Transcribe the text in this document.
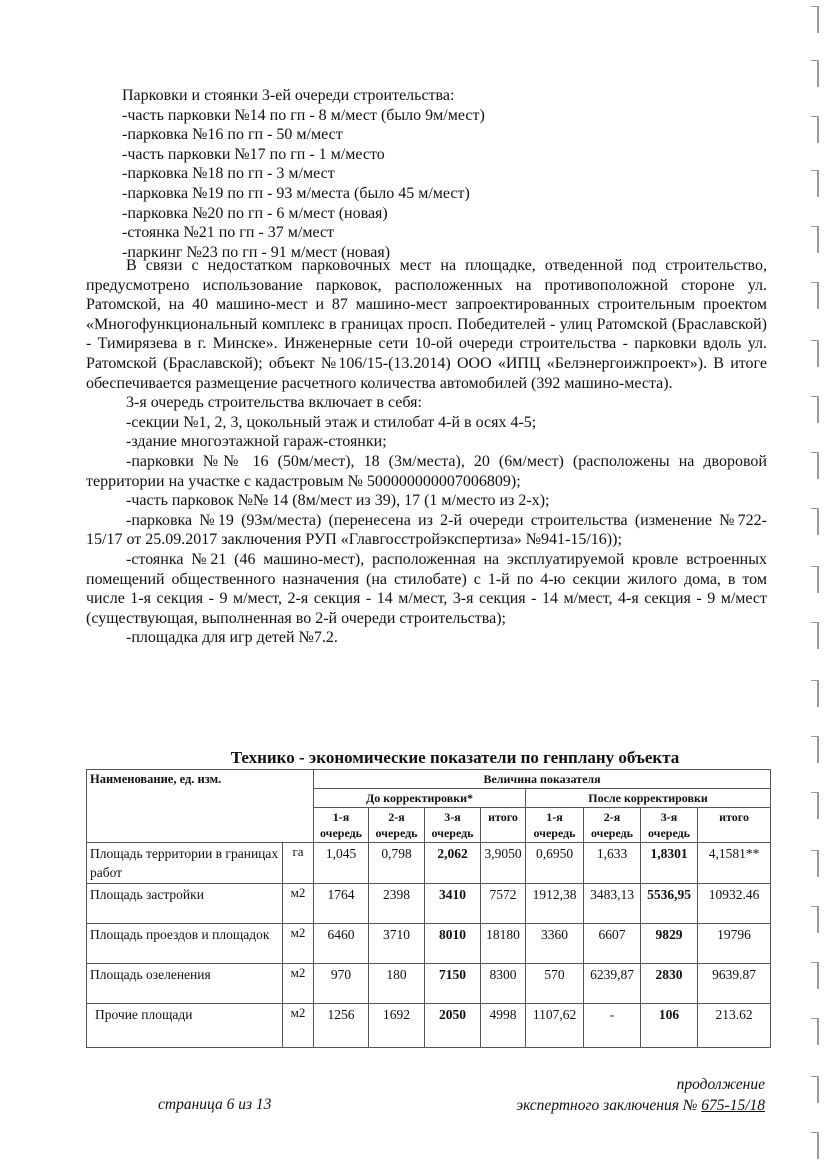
Парковки и стоянки 3-ей очереди строительства:
-часть парковки №14 по гп - 8 м/мест (было 9м/мест)
-парковка №16 по гп - 50 м/мест
-часть парковки №17 по гп - 1 м/место
-парковка №18 по гп - 3 м/мест
-парковка №19 по гп - 93 м/места (было 45 м/мест)
-парковка №20 по гп - 6 м/мест (новая)
-стоянка №21 по гп - 37 м/мест
-паркинг №23 по гп - 91 м/мест (новая)
В связи с недостатком парковочных мест на площадке, отведенной под строительство, предусмотрено использование парковок, расположенных на противоположной стороне ул. Ратомской, на 40 машино-мест и 87 машино-мест запроектированных строительным проектом «Многофункциональный комплекс в границах просп. Победителей - улиц Ратомской (Браславской) - Тимирязева в г. Минске». Инженерные сети 10-ой очереди строительства - парковки вдоль ул. Ратомской (Браславской); объект №106/15-(13.2014) ООО «ИПЦ «Белэнергоижпроект»). В итоге обеспечивается размещение расчетного количества автомобилей (392 машино-места).
3-я очередь строительства включает в себя:
-секции №1, 2, 3, цокольный этаж и стилобат 4-й в осях 4-5;
-здание многоэтажной гараж-стоянки;
-парковки №№ 16 (50м/мест), 18 (3м/места), 20 (6м/мест) (расположены на дворовой территории на участке с кадастровым № 500000000007006809);
-часть парковок №№ 14 (8м/мест из 39), 17 (1 м/место из 2-х);
-парковка №19 (93м/места) (перенесена из 2-й очереди строительства (изменение №722-15/17 от 25.09.2017 заключения РУП «Главгосстройэкспертиза» №941-15/16));
-стоянка №21 (46 машино-мест), расположенная на эксплуатируемой кровле встроенных помещений общественного назначения (на стилобате) с 1-й по 4-ю секции жилого дома, в том числе 1-я секция - 9 м/мест, 2-я секция - 14 м/мест, 3-я секция - 14 м/мест, 4-я секция - 9 м/мест (существующая, выполненная во 2-й очереди строительства);
-площадка для игр детей №7.2.
Технико - экономические показатели по генплану объекта
Наименование, ед. изм.		Величина показателя							
		До корректировки*				После корректировки			
		1-я очередь	2-я очередь	3-я очередь	итого	1-я очередь	2-я очередь	3-я очередь	итого
Площадь территории в границах работ	га	1,045	0,798	2,062	3,9050	0,6950	1,633	1,8301	4,1581**
Площадь застройки	м2	1764	2398	3410	7572	1912,38	3483,13	5536,95	10932.46
Площадь проездов и площадок	м2	6460	3710	8010	18180	3360	6607	9829	19796
Площадь озеленения	м2	970	180	7150	8300	570	6239,87	2830	9639.87
Прочие площади	м2	1256	1692	2050	4998	1107,62	-	106	213.62
продолжение
экспертного заключения № 675-15/18
страница 6 из 13
